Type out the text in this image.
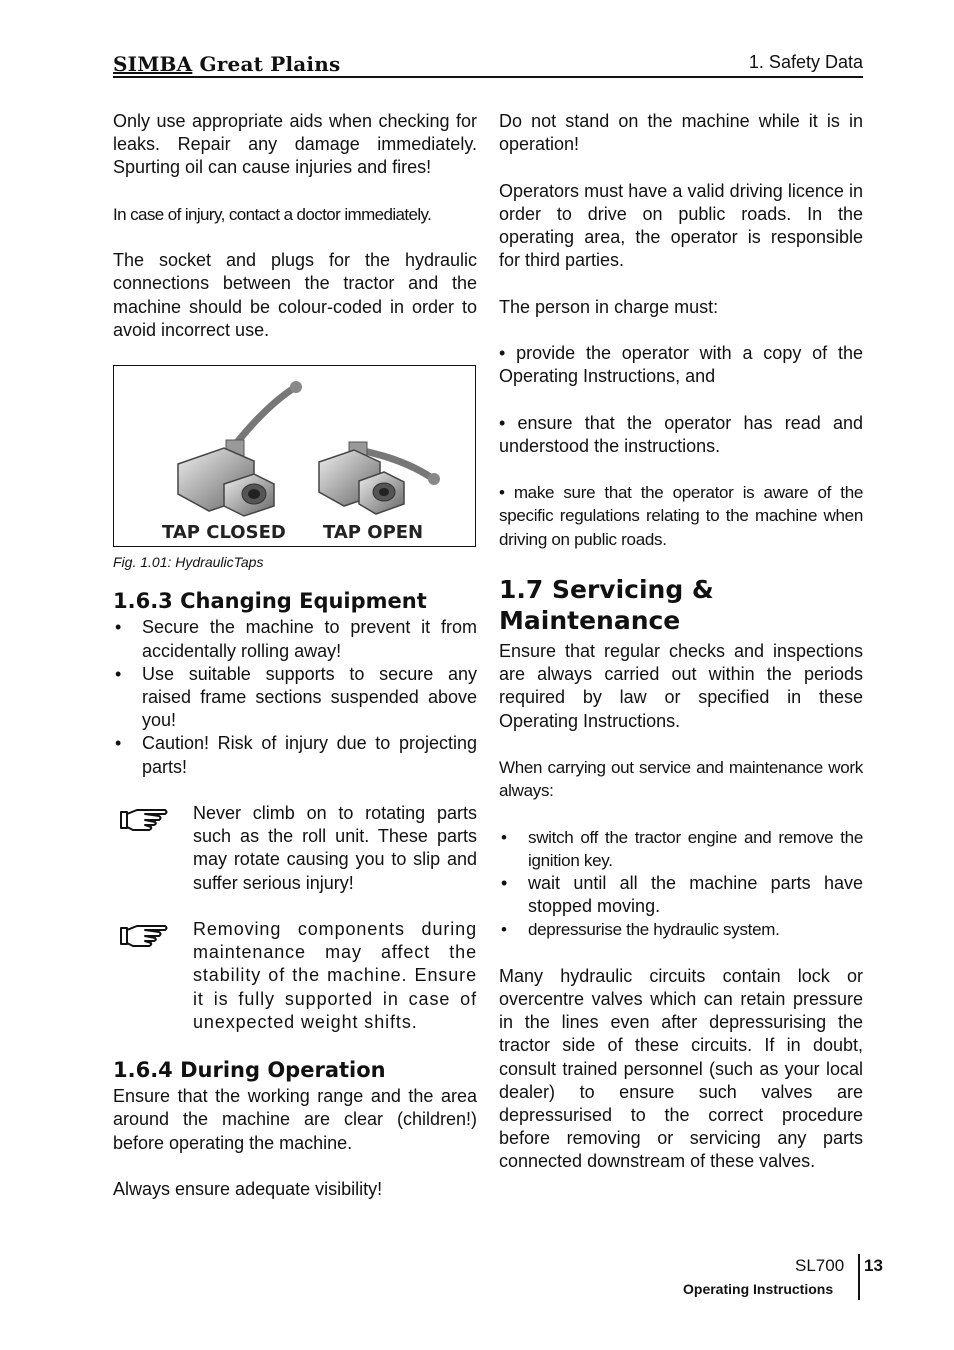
SIMBA Great Plains	1. Safety Data

Only use appropriate aids when checking for leaks. Repair any damage immediately. Spurting oil can cause injuries and fires!

In case of injury, contact a doctor immediately.

The socket and plugs for the hydraulic connections between the tractor and the machine should be colour-coded in order to avoid incorrect use.

TAP CLOSED TAP OPEN
Fig. 1.01: HydraulicTaps
1.6.3 Changing Equipment
• Secure the machine to prevent it from accidentally rolling away!
• Use suitable supports to secure any raised frame sections suspended above you!
• Caution! Risk of injury due to projecting parts!
Never climb on to rotating parts such as the roll unit. These parts may rotate causing you to slip and suffer serious injury!
Removing components during maintenance may affect the stability of the machine. Ensure it is fully supported in case of unexpected weight shifts.
1.6.4 During Operation

Ensure that the working range and the area around the machine are clear (children!) before operating the machine.

Always ensure adequate visibility!

Do not stand on the machine while it is in operation!

Operators must have a valid driving licence in order to drive on public roads. In the operating area, the operator is responsible for third parties.

The person in charge must:

• provide the operator with a copy of the Operating Instructions, and

• ensure that the operator has read and understood the instructions.

• make sure that the operator is aware of the specific regulations relating to the machine when driving on public roads.

1.7 Servicing & Maintenance

Ensure that regular checks and inspections are always carried out within the periods required by law or specified in these Operating Instructions.

When carrying out service and maintenance work always:

• switch off the tractor engine and remove the ignition key.
• wait until all the machine parts have stopped moving.
• depressurise the hydraulic system.

Many hydraulic circuits contain lock or overcentre valves which can retain pressure in the lines even after depressurising the tractor side of these circuits. If in doubt, consult trained personnel (such as your local dealer) to ensure such valves are depressurised to the correct procedure before removing or servicing any parts connected downstream of these valves.

SL700 13
Operating Instructions
